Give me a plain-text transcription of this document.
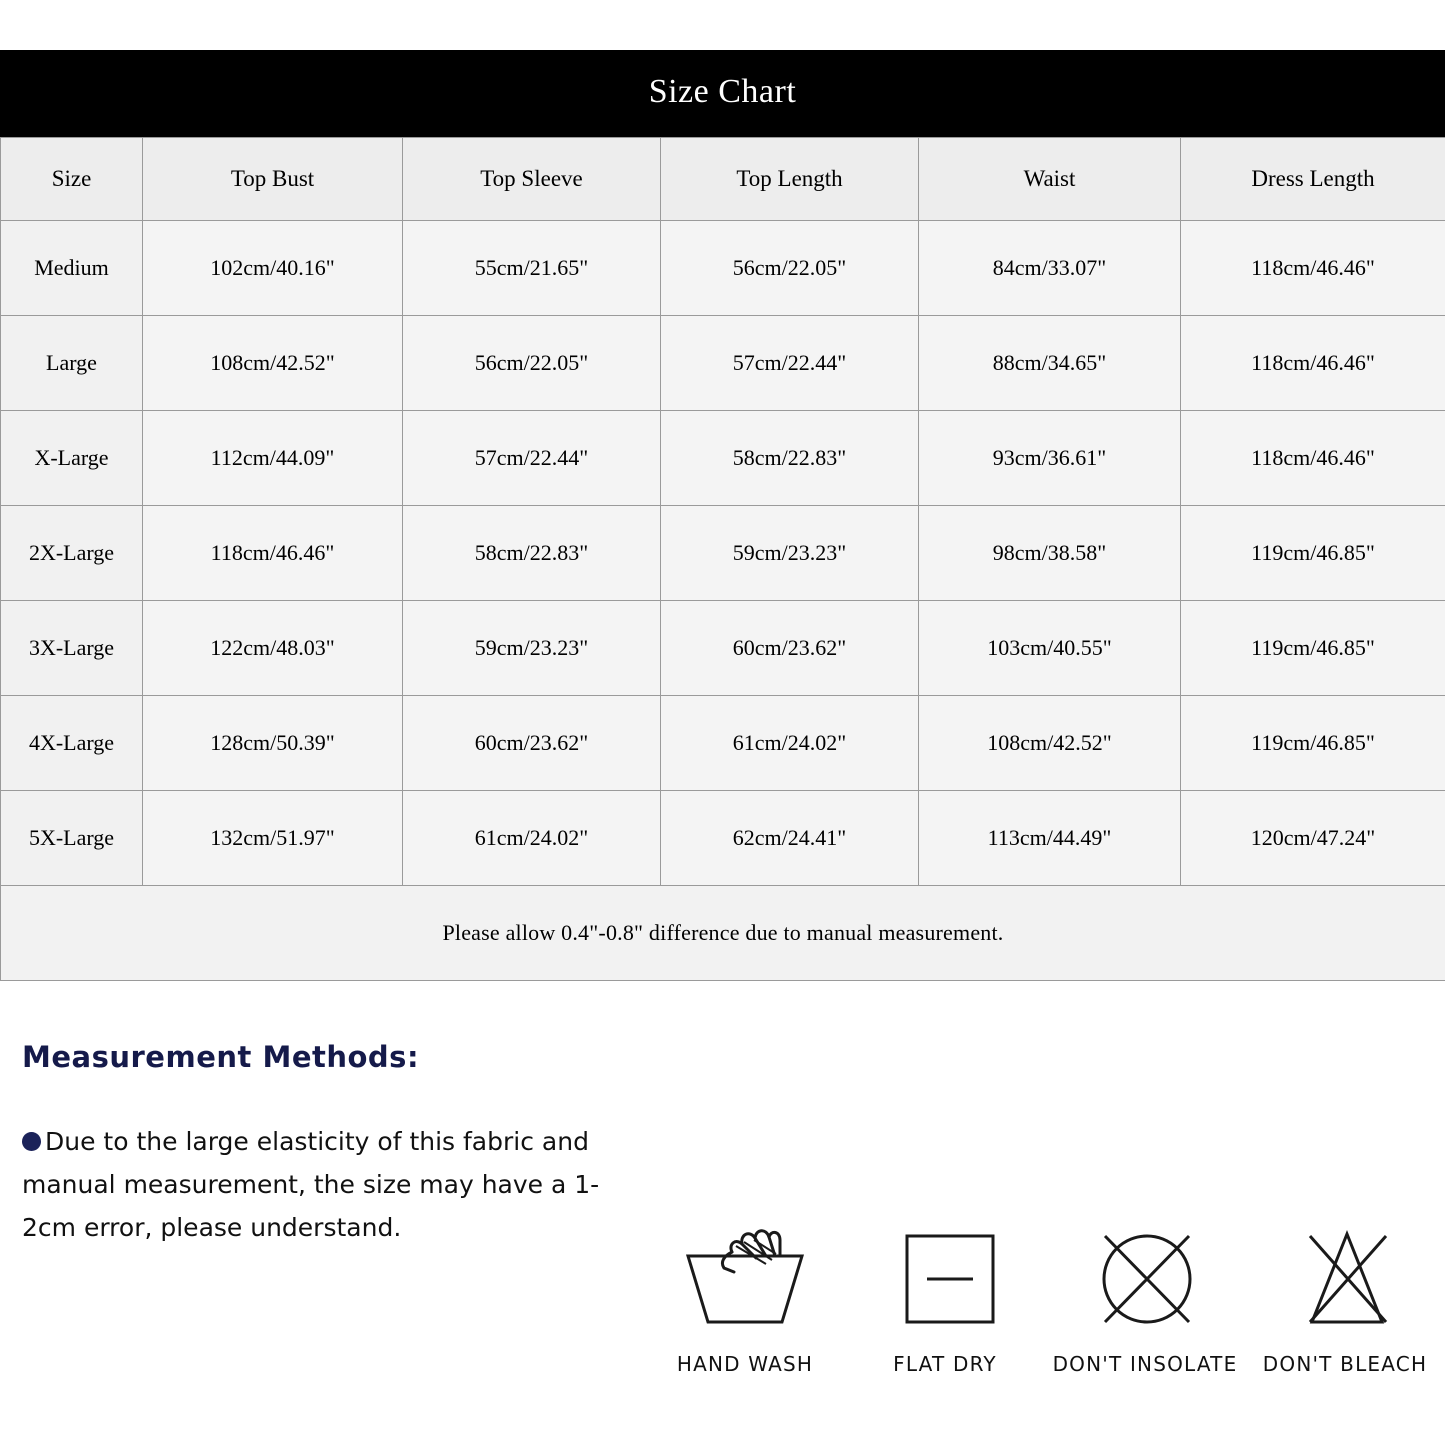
Size Chart
Size	Top Bust	Top Sleeve	Top Length	Waist	Dress Length
Medium	102cm/40.16"	55cm/21.65"	56cm/22.05"	84cm/33.07"	118cm/46.46"
Large	108cm/42.52"	56cm/22.05"	57cm/22.44"	88cm/34.65"	118cm/46.46"
X-Large	112cm/44.09"	57cm/22.44"	58cm/22.83"	93cm/36.61"	118cm/46.46"
2X-Large	118cm/46.46"	58cm/22.83"	59cm/23.23"	98cm/38.58"	119cm/46.85"
3X-Large	122cm/48.03"	59cm/23.23"	60cm/23.62"	103cm/40.55"	119cm/46.85"
4X-Large	128cm/50.39"	60cm/23.62"	61cm/24.02"	108cm/42.52"	119cm/46.85"
5X-Large	132cm/51.97"	61cm/24.02"	62cm/24.41"	113cm/44.49"	120cm/47.24"
Please allow 0.4"-0.8" difference due to manual measurement.					
Measurement Methods:
Due to the large elasticity of this fabric and manual measurement, the size may have a 1-2cm error, please understand.
HAND WASH	FLAT DRY	DON'T INSOLATE	DON'T BLEACH
